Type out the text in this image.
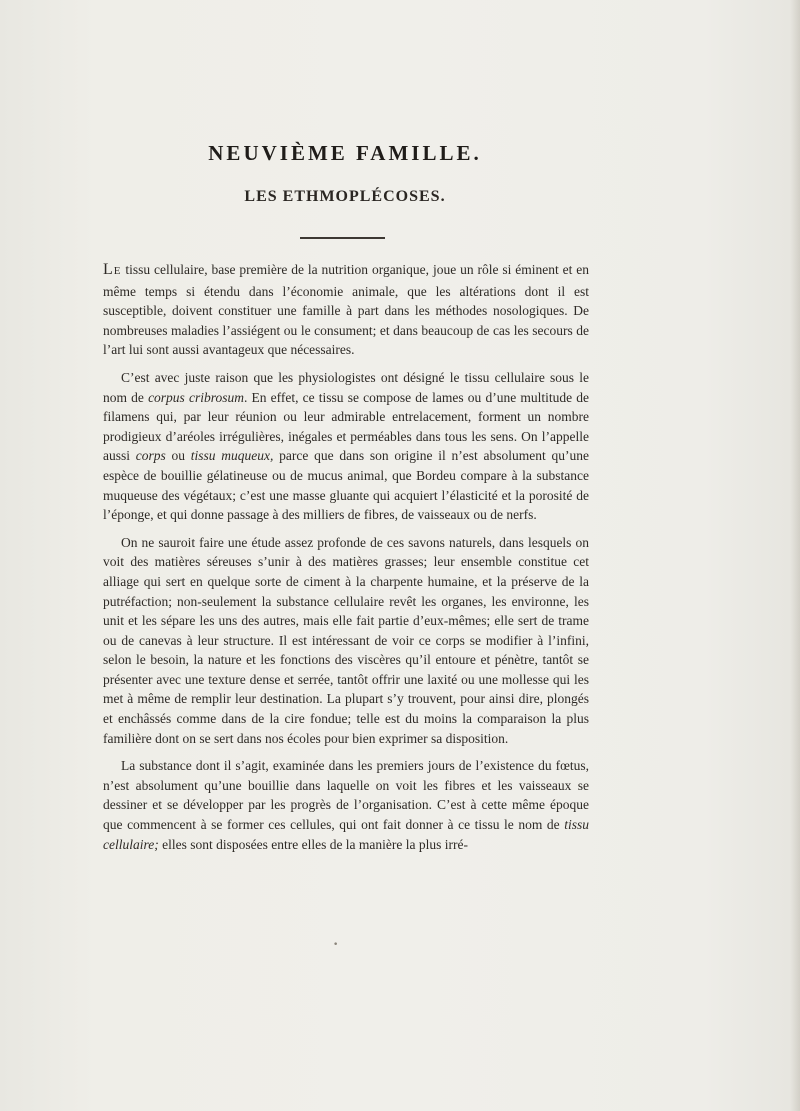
NEUVIÈME FAMILLE.
LES ETHMOPLÉCOSES.

LE tissu cellulaire, base première de la nutrition organique, joue un rôle si éminent et en même temps si étendu dans l’économie animale, que les altérations dont il est susceptible, doivent constituer une famille à part dans les méthodes nosologiques. De nombreuses maladies l’assiégent ou le consument; et dans beaucoup de cas les secours de l’art lui sont aussi avantageux que nécessaires.

C’est avec juste raison que les physiologistes ont désigné le tissu cellulaire sous le nom de corpus cribrosum. En effet, ce tissu se compose de lames ou d’une multitude de filamens qui, par leur réunion ou leur admirable entrelacement, forment un nombre prodigieux d’aréoles irrégulières, inégales et perméables dans tous les sens. On l’appelle aussi corps ou tissu muqueux, parce que dans son origine il n’est absolument qu’une espèce de bouillie gélatineuse ou de mucus animal, que Bordeu compare à la substance muqueuse des végétaux; c’est une masse gluante qui acquiert l’élasticité et la porosité de l’éponge, et qui donne passage à des milliers de fibres, de vaisseaux ou de nerfs.

On ne sauroit faire une étude assez profonde de ces savons naturels, dans lesquels on voit des matières séreuses s’unir à des matières grasses; leur ensemble constitue cet alliage qui sert en quelque sorte de ciment à la charpente humaine, et la préserve de la putréfaction; non-seulement la substance cellulaire revêt les organes, les environne, les unit et les sépare les uns des autres, mais elle fait partie d’eux-mêmes; elle sert de trame ou de canevas à leur structure. Il est intéressant de voir ce corps se modifier à l’infini, selon le besoin, la nature et les fonctions des viscères qu’il entoure et pénètre, tantôt se présenter avec une texture dense et serrée, tantôt offrir une laxité ou une mollesse qui les met à même de remplir leur destination. La plupart s’y trouvent, pour ainsi dire, plongés et enchâssés comme dans de la cire fondue; telle est du moins la comparaison la plus familière dont on se sert dans nos écoles pour bien exprimer sa disposition.

La substance dont il s’agit, examinée dans les premiers jours de l’existence du fœtus, n’est absolument qu’une bouillie dans laquelle on voit les fibres et les vaisseaux se dessiner et se développer par les progrès de l’organisation. C’est à cette même époque que commencent à se former ces cellules, qui ont fait donner à ce tissu le nom de tissu cellulaire; elles sont disposées entre elles de la manière la plus irré-

•
